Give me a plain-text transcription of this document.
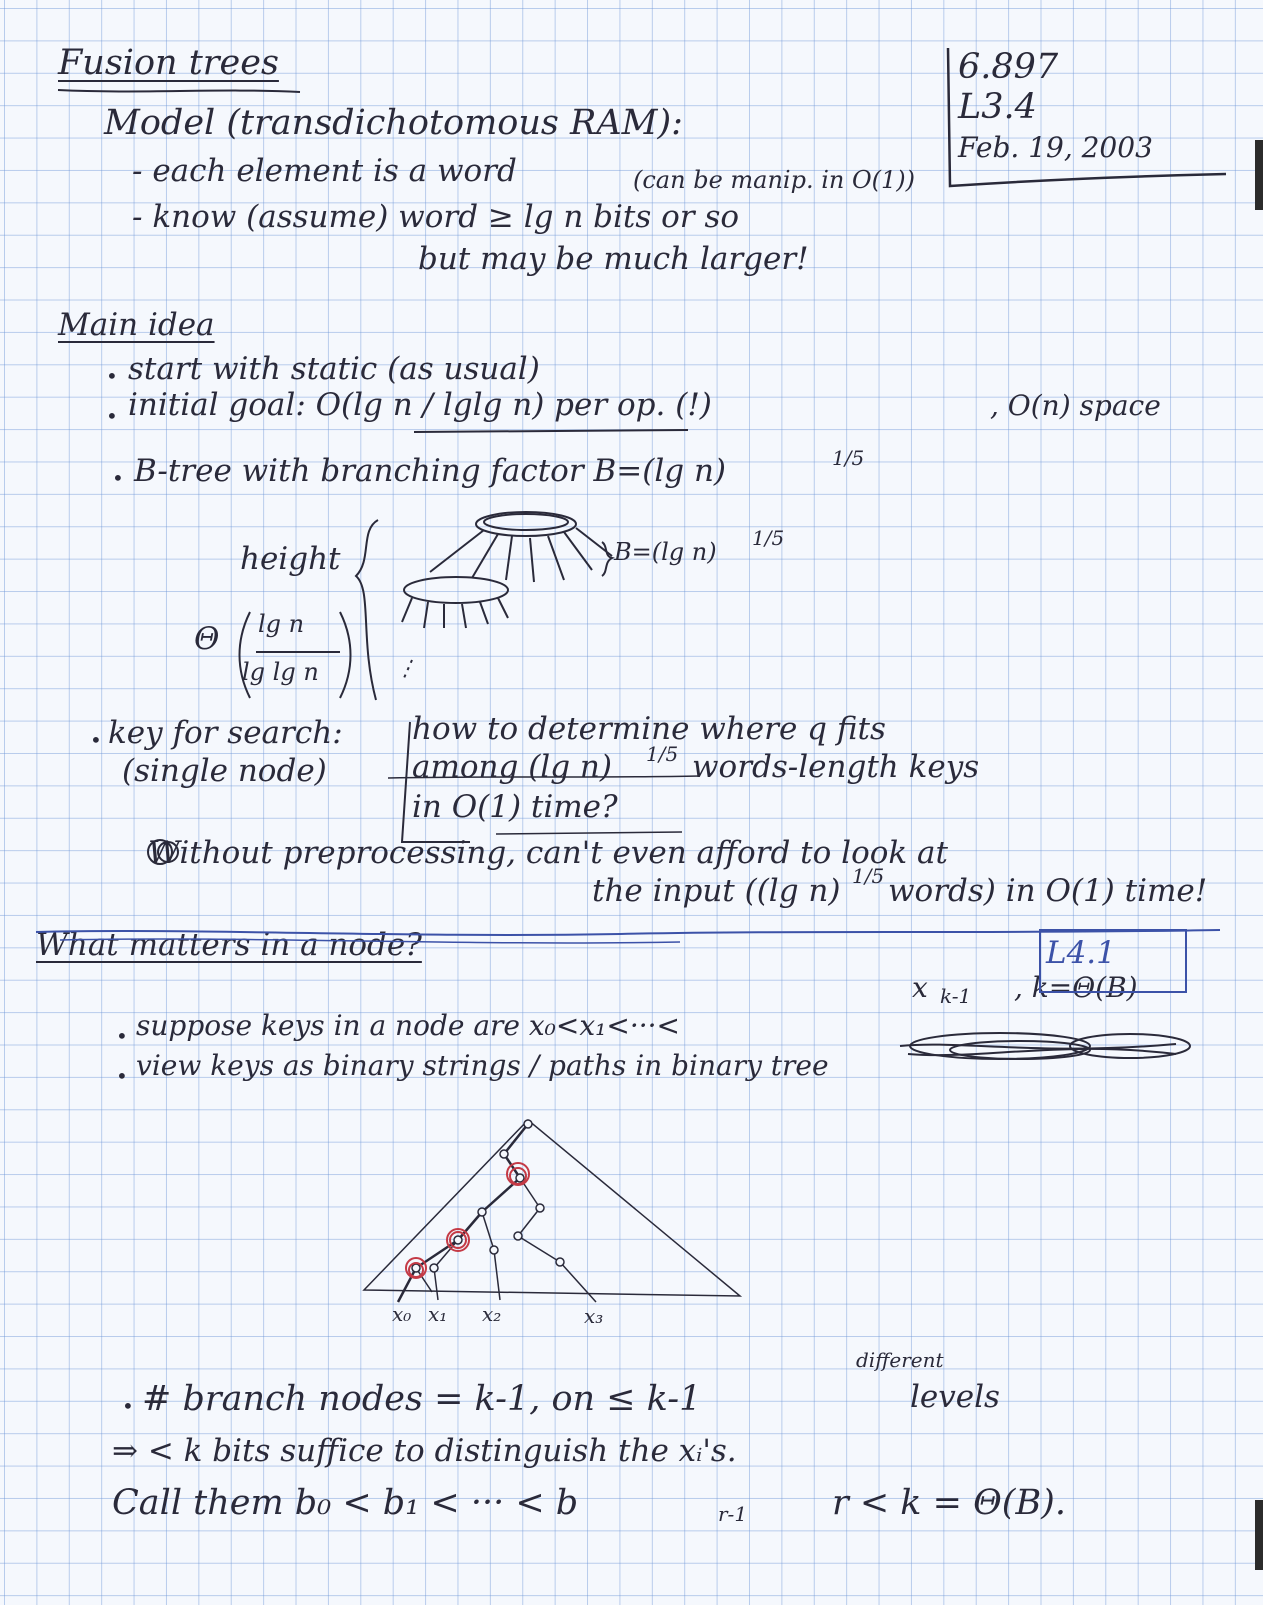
Fusion trees	6.897
L3.4
Feb. 19, 2003
Model (transdichotomous RAM):
- each element is a word	(can be manip. in O(1))
- know (assume) word ≥ lg n bits or so
but may be much larger!
Main idea
• start with static (as usual)
• initial goal: O(lg n / lglg n) per op. (!)	, O(n) space
• B-tree with branching factor B=(lg n)	1/5
height
Θ lg n
lg lg n
B=(lg n) 1/5
• key for search:
(single node)
how to determine where q fits
among (lg n) 1/5 words-length keys
in O(1) time?
Without preprocessing, can't even afford to look at
the input ((lg n) 1/5 words) in O(1) time!
What matters in a node?	L4.1
• suppose keys in a node are x₀<x₁<···<
x k-1 , k=Θ(B)
• view keys as binary strings / paths in binary tree
x₀ x₁ x₂	x₃
• # branch nodes = k-1, on ≤ k-1
different
levels
⇒ < k bits suffice to distinguish the xᵢ's.
Call them b₀ < b₁ < ··· < b	r-1 r < k = Θ(B).
